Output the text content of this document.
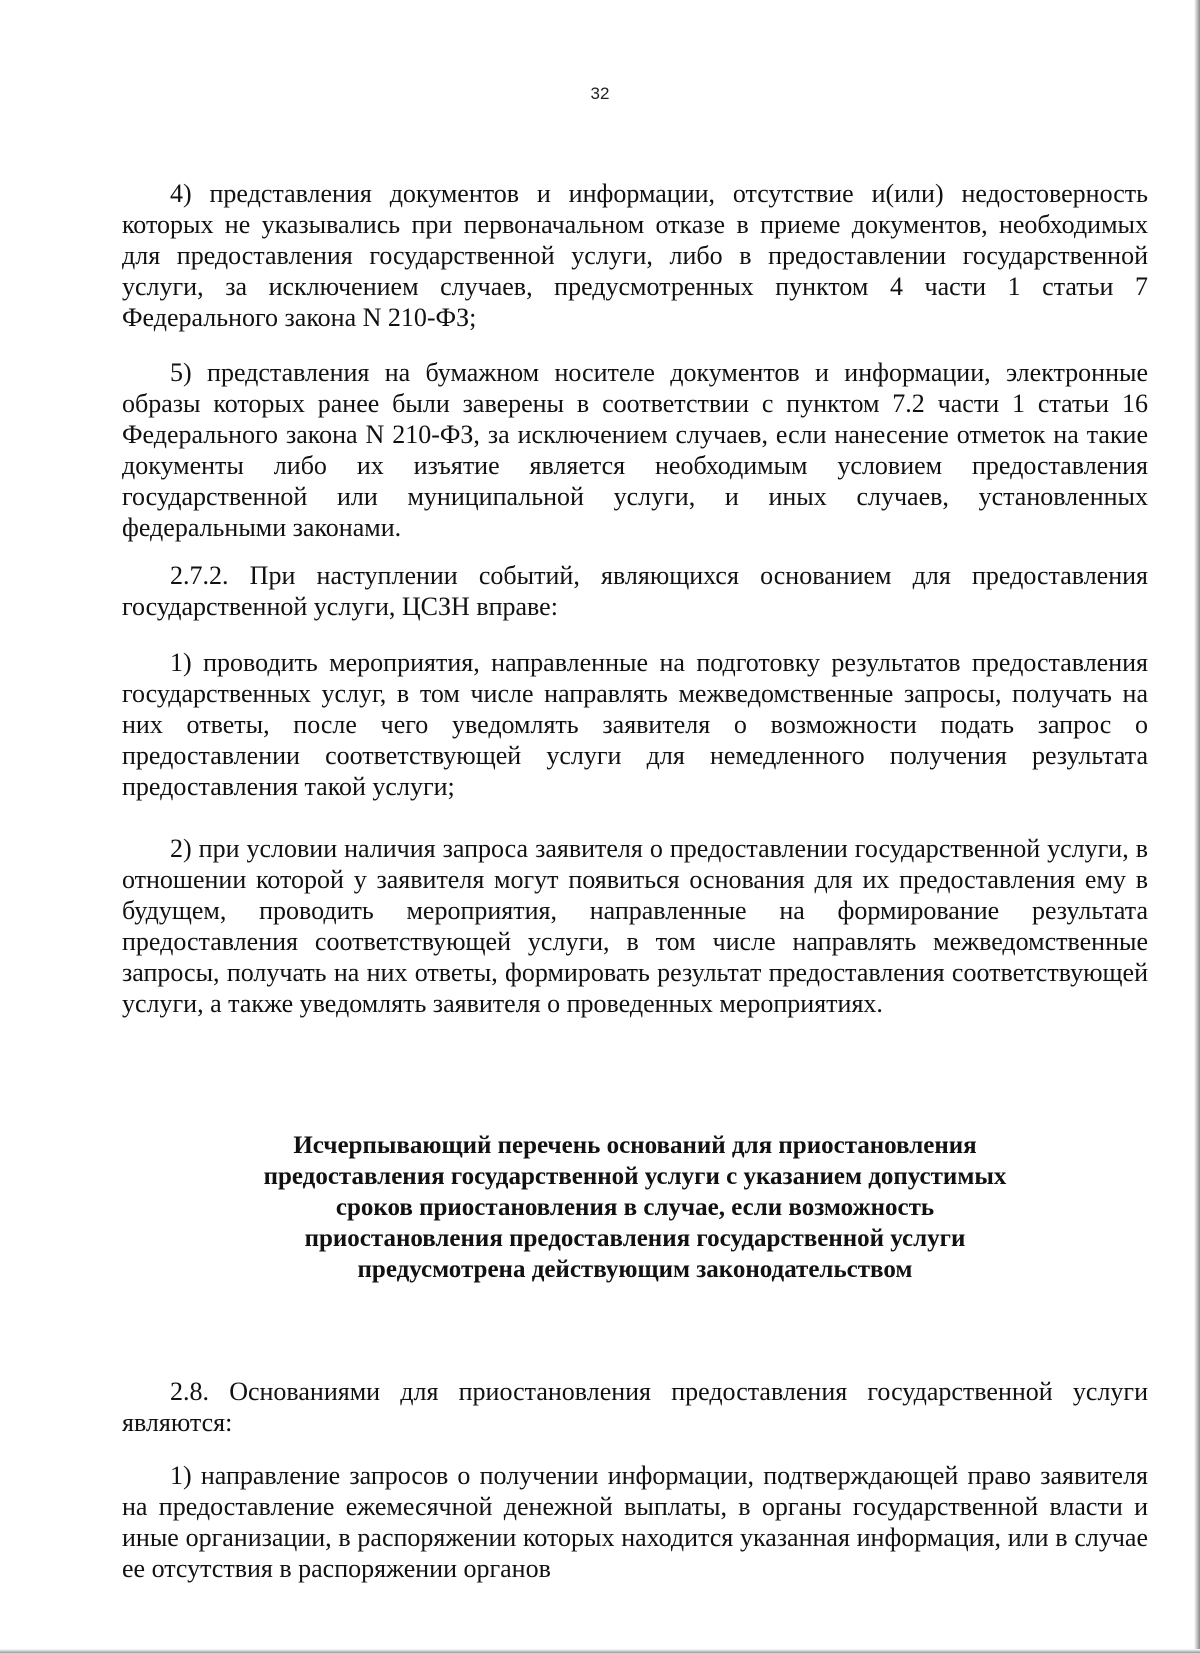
32

4) представления документов и информации, отсутствие и(или) недостоверность которых не указывались при первоначальном отказе в приеме документов, необходимых для предоставления государственной услуги, либо в предоставлении государственной услуги, за исключением случаев, предусмотренных пунктом 4 части 1 статьи 7 Федерального закона N 210-ФЗ;

5) представления на бумажном носителе документов и информации, электронные образы которых ранее были заверены в соответствии с пунктом 7.2 части 1 статьи 16 Федерального закона N 210-ФЗ, за исключением случаев, если нанесение отметок на такие документы либо их изъятие является необходимым условием предоставления государственной или муниципальной услуги, и иных случаев, установленных федеральными законами.

2.7.2. При наступлении событий, являющихся основанием для предоставления государственной услуги, ЦСЗН вправе:

1) проводить мероприятия, направленные на подготовку результатов предоставления государственных услуг, в том числе направлять межведомственные запросы, получать на них ответы, после чего уведомлять заявителя о возможности подать запрос о предоставлении соответствующей услуги для немедленного получения результата предоставления такой услуги;

2) при условии наличия запроса заявителя о предоставлении государственной услуги, в отношении которой у заявителя могут появиться основания для их предоставления ему в будущем, проводить мероприятия, направленные на формирование результата предоставления соответствующей услуги, в том числе направлять межведомственные запросы, получать на них ответы, формировать результат предоставления соответствующей услуги, а также уведомлять заявителя о проведенных мероприятиях.

Исчерпывающий перечень оснований для приостановления
предоставления государственной услуги с указанием допустимых
сроков приостановления в случае, если возможность
приостановления предоставления государственной услуги
предусмотрена действующим законодательством

2.8. Основаниями для приостановления предоставления государственной услуги являются:

1) направление запросов о получении информации, подтверждающей право заявителя на предоставление ежемесячной денежной выплаты, в органы государственной власти и иные организации, в распоряжении которых находится указанная информация, или в случае ее отсутствия в распоряжении органов
